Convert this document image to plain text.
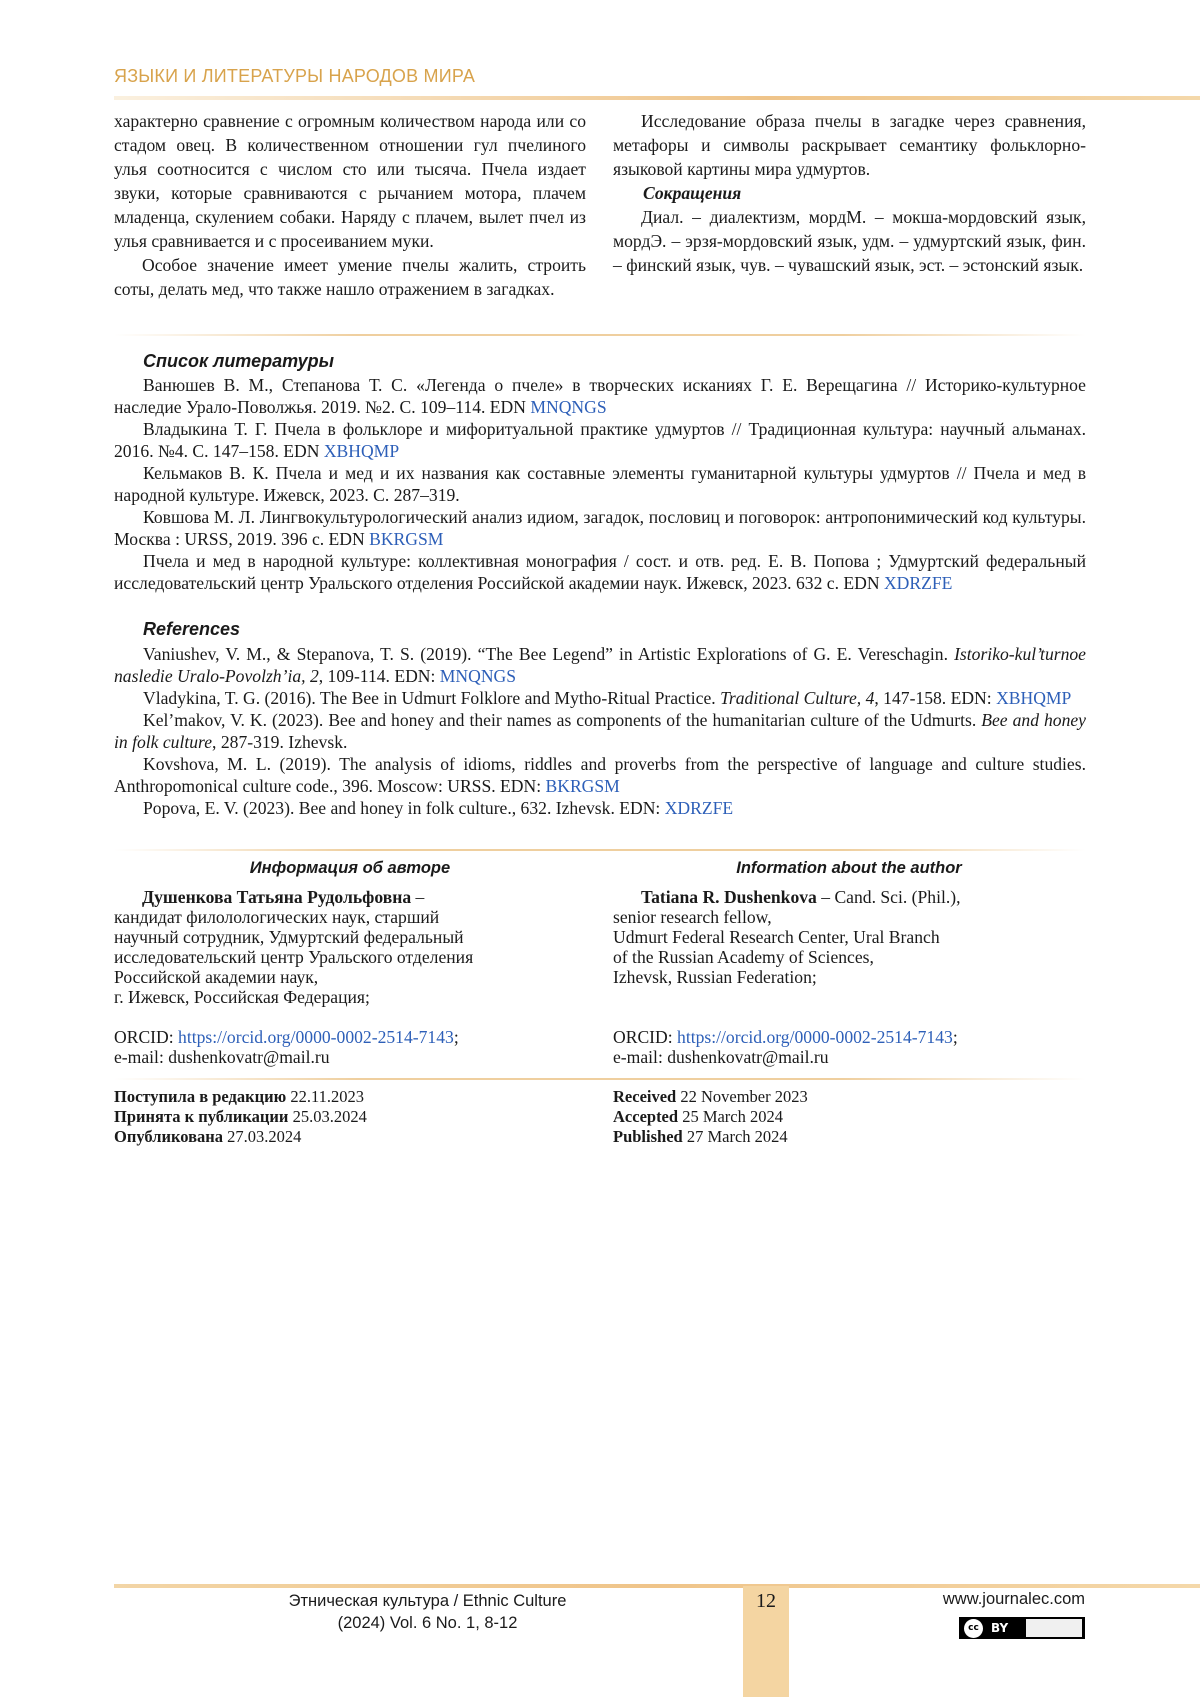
ЯЗЫКИ И ЛИТЕРАТУРЫ НАРОДОВ МИРА

характерно сравнение с огромным количеством народа или со стадом овец. В количественном отношении гул пчелиного улья соотносится с числом сто или тысяча. Пчела издает звуки, которые сравниваются с рычанием мотора, плачем младенца, скулением собаки. Наряду с плачем, вылет пчел из улья сравнивается и с просеиванием муки.

Особое значение имеет умение пчелы жалить, строить соты, делать мед, что также нашло отражением в загадках.

Исследование образа пчелы в загадке через сравнения, метафоры и символы раскрывает семантику фольклорно-языковой картины мира удмуртов.

Сокращения

Диал. – диалектизм, мордМ. – мокша-мордовский язык, мордЭ. – эрзя-мордовский язык, удм. – удмуртский язык, фин. – финский язык, чув. – чувашский язык, эст. – эстонский язык.

Список литературы

Ванюшев В. М., Степанова Т. С. «Легенда о пчеле» в творческих исканиях Г. Е. Верещагина // Историко-культурное наследие Урало-Поволжья. 2019. №2. С. 109–114. EDN MNQNGS

Владыкина Т. Г. Пчела в фольклоре и мифоритуальной практике удмуртов // Традиционная культура: научный альманах. 2016. №4. С. 147–158. EDN XBHQMP

Кельмаков В. К. Пчела и мед и их названия как составные элементы гуманитарной культуры удмуртов // Пчела и мед в народной культуре. Ижевск, 2023. С. 287–319.

Ковшова М. Л. Лингвокультурологический анализ идиом, загадок, пословиц и поговорок: антропонимический код культуры. Москва : URSS, 2019. 396 с. EDN BKRGSM

Пчела и мед в народной культуре: коллективная монография / сост. и отв. ред. Е. В. Попова ; Удмуртский федеральный исследовательский центр Уральского отделения Российской академии наук. Ижевск, 2023. 632 с. EDN XDRZFE

References

Vaniushev, V. M., & Stepanova, T. S. (2019). “The Bee Legend” in Artistic Explorations of G. E. Vereschagin. Istoriko-kul’turnoe nasledie Uralo-Povolzh’ia, 2, 109-114. EDN: MNQNGS

Vladykina, T. G. (2016). The Bee in Udmurt Folklore and Mytho-Ritual Practice. Traditional Culture, 4, 147-158. EDN: XBHQMP

Kel’makov, V. K. (2023). Bee and honey and their names as components of the humanitarian culture of the Udmurts. Bee and honey in folk culture, 287-319. Izhevsk.

Kovshova, M. L. (2019). The analysis of idioms, riddles and proverbs from the perspective of language and culture studies. Anthropomonical culture code., 396. Moscow: URSS. EDN: BKRGSM

Popova, E. V. (2023). Bee and honey in folk culture., 632. Izhevsk. EDN: XDRZFE

Информация об авторе	Information about the author

Душенкова Татьяна Рудольфовна –

кандидат филолологических наук, старший

научный сотрудник, Удмуртский федеральный

исследовательский центр Уральского отделения

Российской академии наук,

г. Ижевск, Российская Федерация;

ORCID: https://orcid.org/0000-0002-2514-7143;

e-mail: dushenkovatr@mail.ru

Tatiana R. Dushenkova – Cand. Sci. (Phil.),

senior research fellow,

Udmurt Federal Research Center, Ural Branch

of the Russian Academy of Sciences,

Izhevsk, Russian Federation;

ORCID: https://orcid.org/0000-0002-2514-7143;

e-mail: dushenkovatr@mail.ru

Поступила в редакцию 22.11.2023

Принята к публикации 25.03.2024

Опубликована 27.03.2024

Received 22 November 2023

Accepted 25 March 2024

Published 27 March 2024

12
Этническая культура / Ethnic Culture
(2024) Vol. 6 No. 1, 8-12
www.journalec.com
cc	BY
